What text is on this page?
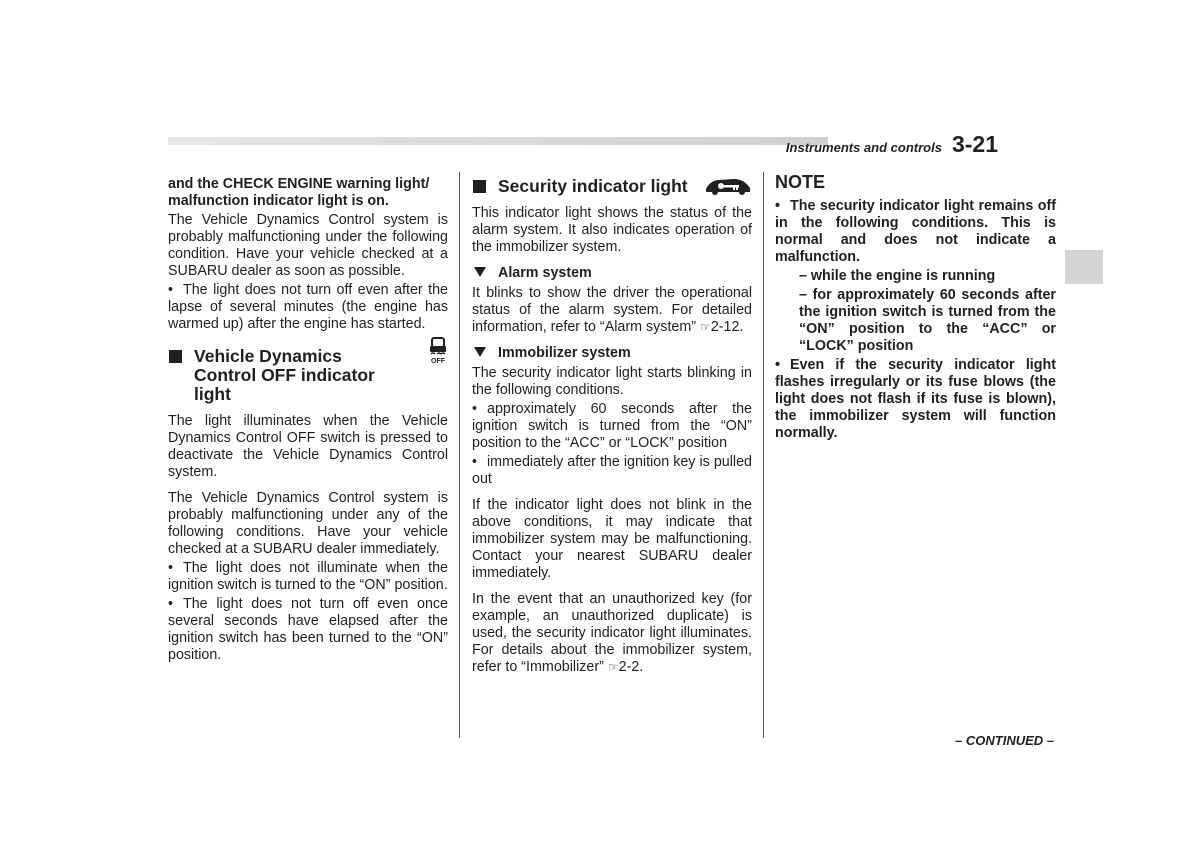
Instruments and controls 3-21

and the CHECK ENGINE warning light/ malfunction indicator light is on.

The Vehicle Dynamics Control system is probably malfunctioning under the following condition. Have your vehicle checked at a SUBARU dealer as soon as possible.

• The light does not turn off even after the lapse of several minutes (the engine has warmed up) after the engine has started.

Vehicle Dynamics Control OFF indicator light
OFF

The light illuminates when the Vehicle Dynamics Control OFF switch is pressed to deactivate the Vehicle Dynamics Control system.

The Vehicle Dynamics Control system is probably malfunctioning under any of the following conditions. Have your vehicle checked at a SUBARU dealer immediately.

• The light does not illuminate when the ignition switch is turned to the “ON” position.

• The light does not turn off even once several seconds have elapsed after the ignition switch has been turned to the “ON” position.

Security indicator light

This indicator light shows the status of the alarm system. It also indicates operation of the immobilizer system.

Alarm system

It blinks to show the driver the operational status of the alarm system. For detailed information, refer to “Alarm system” ☞2-12.

Immobilizer system

The security indicator light starts blinking in the following conditions.

• approximately 60 seconds after the ignition switch is turned from the “ON” position to the “ACC” or “LOCK” position

• immediately after the ignition key is pulled out

If the indicator light does not blink in the above conditions, it may indicate that immobilizer system may be malfunctioning. Contact your nearest SUBARU dealer immediately.

In the event that an unauthorized key (for example, an unauthorized duplicate) is used, the security indicator light illuminates. For details about the immobilizer system, refer to “Immobilizer” ☞2-2.

NOTE

• The security indicator light remains off in the following conditions. This is normal and does not indicate a malfunction.

– while the engine is running

– for approximately 60 seconds after the ignition switch is turned from the “ON” position to the “ACC” or “LOCK” position

• Even if the security indicator light flashes irregularly or its fuse blows (the light does not flash if its fuse is blown), the immobilizer system will function normally.

– CONTINUED –
